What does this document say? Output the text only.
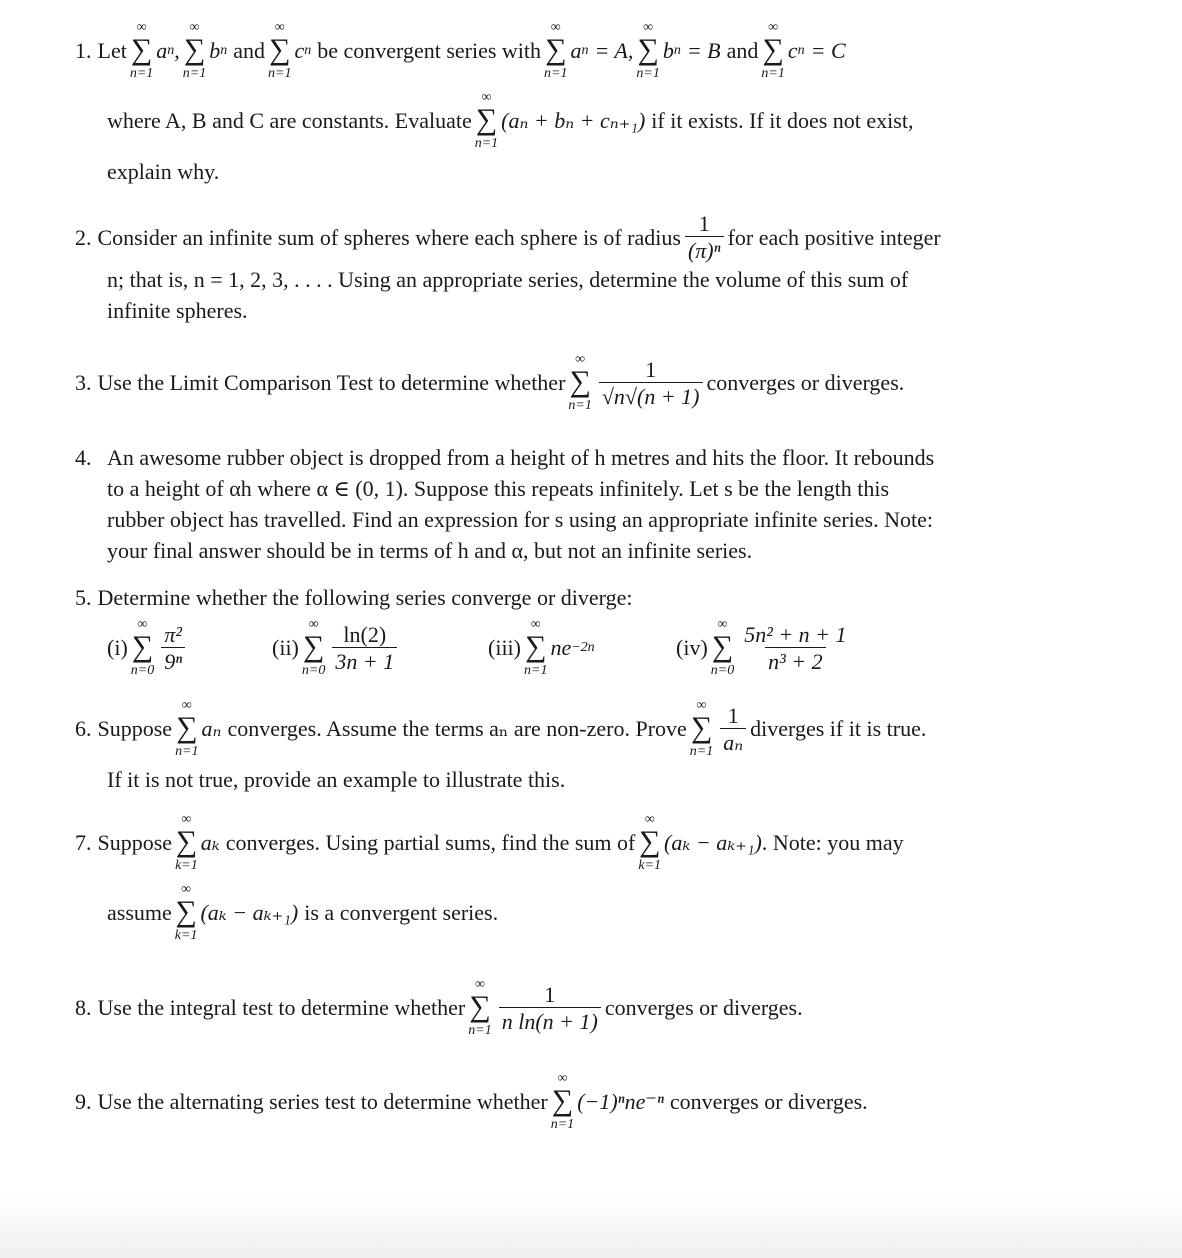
1. Let
∞
∑
n=1
a n ,
∞
∑
n=1
b n and
∞
∑
n=1
c n be convergent series with
∞
∑
n=1
a n = A,
∞
∑
n=1
b n = B and
∞
∑
n=1
c n = C
where A, B and C are constants. Evaluate
∞
∑
n=1
(aₙ + bₙ + cₙ₊₁) if it exists. If it does not exist,
explain why.
2. Consider an infinite sum of spheres where each sphere is of radius $\frac{1}{\text{(π)ⁿ}}$ for each positive integer
n; that is, n = 1, 2, 3, . . . . Using an appropriate series, determine the volume of this sum of
infinite spheres.
3. Use the Limit Comparison Test to determine whether
∞
∑
$n=1 \frac{1}{√n√(n + 1)}$ converges or diverges.
4. An awesome rubber object is dropped from a height of h metres and hits the floor. It rebounds
to a height of αh where α ∈ (0, 1). Suppose this repeats infinitely. Let s be the length this
rubber object has travelled. Find an expression for s using an appropriate infinite series. Note:
your final answer should be in terms of h and α, but not an infinite series.
5. Determine whether the following series converge or diverge:
(i)
∞
∑
$n=0 \frac{\text{π²}}{\text{9ⁿ}}$	(ii)
∞
∑
$n=0 \frac{\ln(2)}{3n + 1}$	(iii)
∞
∑
n=1
ne −2n	(iv)
∞
∑
$n=0 \frac{\text{5n² + n + 1}}{\text{n³ + 2}}$
6. Suppose
∞
∑
n=1
aₙ converges. Assume the terms aₙ are non-zero. Prove
∞
∑
$n=1 \frac{1}{\text{aₙ}}$ diverges if it is true.
If it is not true, provide an example to illustrate this.
7. Suppose
∞
∑
k=1
aₖ converges. Using partial sums, find the sum of
∞
∑
k=1
(aₖ − aₖ₊₁) . Note: you may
assume
∞
∑
k=1
(aₖ − aₖ₊₁) is a convergent series.
8. Use the integral test to determine whether
∞
∑
$n=1 \frac{1}{\text{n ln(n + 1)}}$ converges or diverges.
9. Use the alternating series test to determine whether
∞
∑
n=1
(−1)ⁿne⁻ⁿ converges or diverges.
